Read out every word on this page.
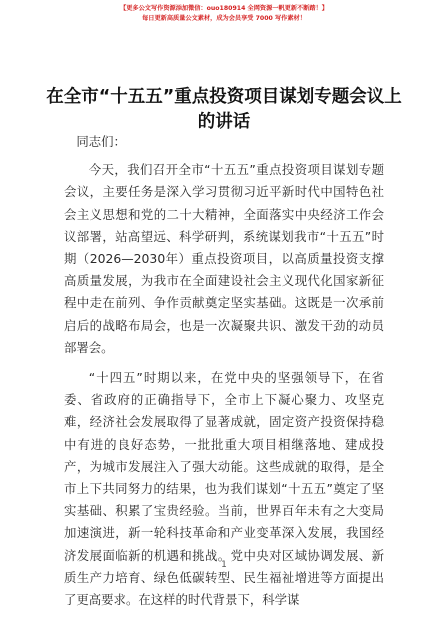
【更多公文写作资源添加微信：ouo180914 全网资源一帆更新不断踏！】
每日更新高质量公文素材，成为会员享受 7000 写作素材！
在全市“十五五”重点投资项目谋划专题会议上的讲话

同志们：

今天，我们召开全市“十五五”重点投资项目谋划专题会议，主要任务是深入学习贯彻习近平新时代中国特色社会主义思想和党的二十大精神，全面落实中央经济工作会议部署，站高望远、科学研判，系统谋划我市“十五五”时期（2026—2030年）重点投资项目，以高质量投资支撑高质量发展，为我市在全面建设社会主义现代化国家新征程中走在前列、争作贡献奠定坚实基础。这既是一次承前启后的战略布局会，也是一次凝聚共识、激发干劲的动员部署会。

“十四五”时期以来，在党中央的坚强领导下，在省委、省政府的正确指导下，全市上下凝心聚力、攻坚克难，经济社会发展取得了显著成就，固定资产投资保持稳中有进的良好态势，一批批重大项目相继落地、建成投产，为城市发展注入了强大动能。这些成就的取得，是全市上下共同努力的结果，也为我们谋划“十五五”奠定了坚实基础、积累了宝贵经验。当前，世界百年未有之大变局加速演进，新一轮科技革命和产业变革深入发展，我国经济发展面临新的机遇和挑战。党中央对区域协调发展、新质生产力培育、绿色低碳转型、民生福祉增进等方面提出了更高要求。在这样的时代背景下，科学谋

1
